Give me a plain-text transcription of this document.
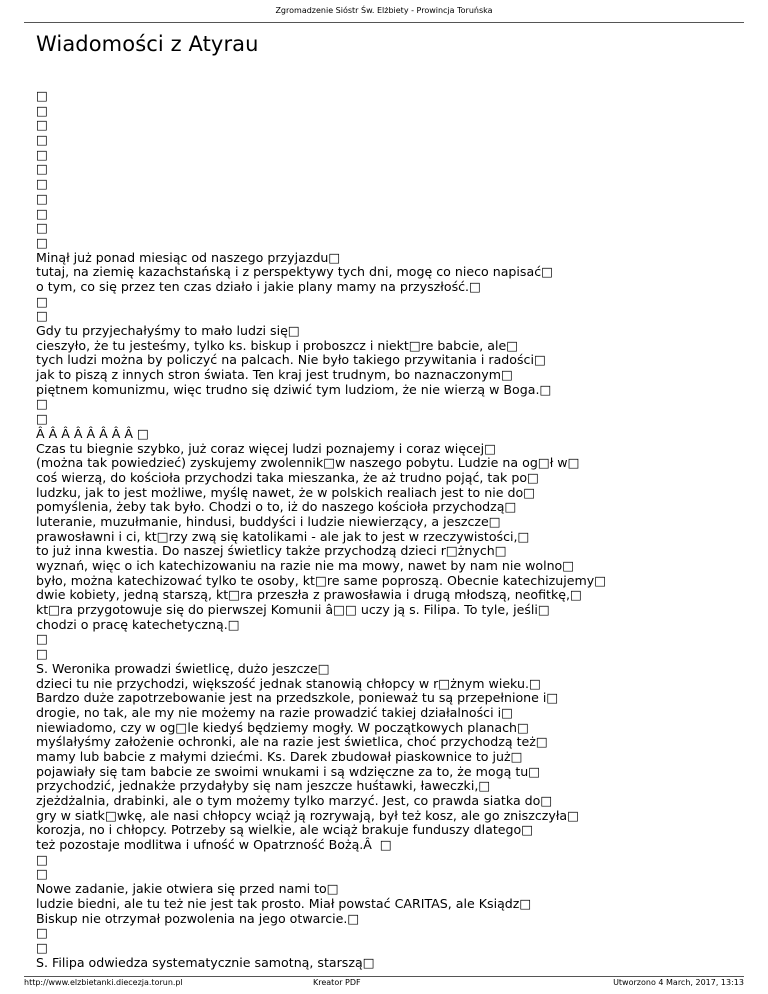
Zgromadzenie Sióstr Św. Elżbiety - Prowincja Toruńska
Wiadomości z Atyrau
□
□
□
□
□
□
□
□
□
□
□
Minął już ponad miesiąc od naszego przyjazdu□
tutaj, na ziemię kazachstańską i z perspektywy tych dni, mogę co nieco napisać□
o tym, co się przez ten czas działo i jakie plany mamy na przyszłość.□
□
□
Gdy tu przyjechałyśmy to mało ludzi się□
cieszyło, że tu jesteśmy, tylko ks. biskup i proboszcz i niekt□re babcie, ale□
tych ludzi można by policzyć na palcach. Nie było takiego przywitania i radości□
jak to piszą z innych stron świata. Ten kraj jest trudnym, bo naznaczonym□
piętnem komunizmu, więc trudno się dziwić tym ludziom, że nie wierzą w Boga.□
□
□
Â Â Â Â Â Â Â Â □
Czas tu biegnie szybko, już coraz więcej ludzi poznajemy i coraz więcej□
(można tak powiedzieć) zyskujemy zwolennik□w naszego pobytu. Ludzie na og□ł w□
coś wierzą, do kościoła przychodzi taka mieszanka, że aż trudno pojąć, tak po□
ludzku, jak to jest możliwe, myślę nawet, że w polskich realiach jest to nie do□
pomyślenia, żeby tak było. Chodzi o to, iż do naszego kościoła przychodzą□
luteranie, muzułmanie, hindusi, buddyści i ludzie niewierzący, a jeszcze□
prawosławni i ci, kt□rzy zwą się katolikami - ale jak to jest w rzeczywistości,□
to już inna kwestia. Do naszej świetlicy także przychodzą dzieci r□żnych□
wyznań, więc o ich katechizowaniu na razie nie ma mowy, nawet by nam nie wolno□
było, można katechizować tylko te osoby, kt□re same poproszą. Obecnie katechizujemy□
dwie kobiety, jedną starszą, kt□ra przeszła z prawosławia i drugą młodszą, neofitkę,□
kt□ra przygotowuje się do pierwszej Komunii â□□ uczy ją s. Filipa. To tyle, jeśli□
chodzi o pracę katechetyczną.□
□
□
S. Weronika prowadzi świetlicę, dużo jeszcze□
dzieci tu nie przychodzi, większość jednak stanowią chłopcy w r□żnym wieku.□
Bardzo duże zapotrzebowanie jest na przedszkole, ponieważ tu są przepełnione i□
drogie, no tak, ale my nie możemy na razie prowadzić takiej działalności i□
niewiadomo, czy w og□le kiedyś będziemy mogły. W początkowych planach□
myślałyśmy założenie ochronki, ale na razie jest świetlica, choć przychodzą też□
mamy lub babcie z małymi dziećmi. Ks. Darek zbudował piaskownice to już□
pojawiały się tam babcie ze swoimi wnukami i są wdzięczne za to, że mogą tu□
przychodzić, jednakże przydałyby się nam jeszcze huśtawki, ławeczki,□
zjeżdżalnia, drabinki, ale o tym możemy tylko marzyć. Jest, co prawda siatka do□
gry w siatk□wkę, ale nasi chłopcy wciąż ją rozrywają, był też kosz, ale go zniszczyła□
korozja, no i chłopcy. Potrzeby są wielkie, ale wciąż brakuje funduszy dlatego□
też pozostaje modlitwa i ufność w Opatrzność Bożą.Â  □
□
□
Nowe zadanie, jakie otwiera się przed nami to□
ludzie biedni, ale tu też nie jest tak prosto. Miał powstać CARITAS, ale Ksiądz□
Biskup nie otrzymał pozwolenia na jego otwarcie.□
□
□
S. Filipa odwiedza systematycznie samotną, starszą□
http://www.elzbietanki.diecezja.torun.pl	Kreator PDF	Utworzono 4 March, 2017, 13:13
